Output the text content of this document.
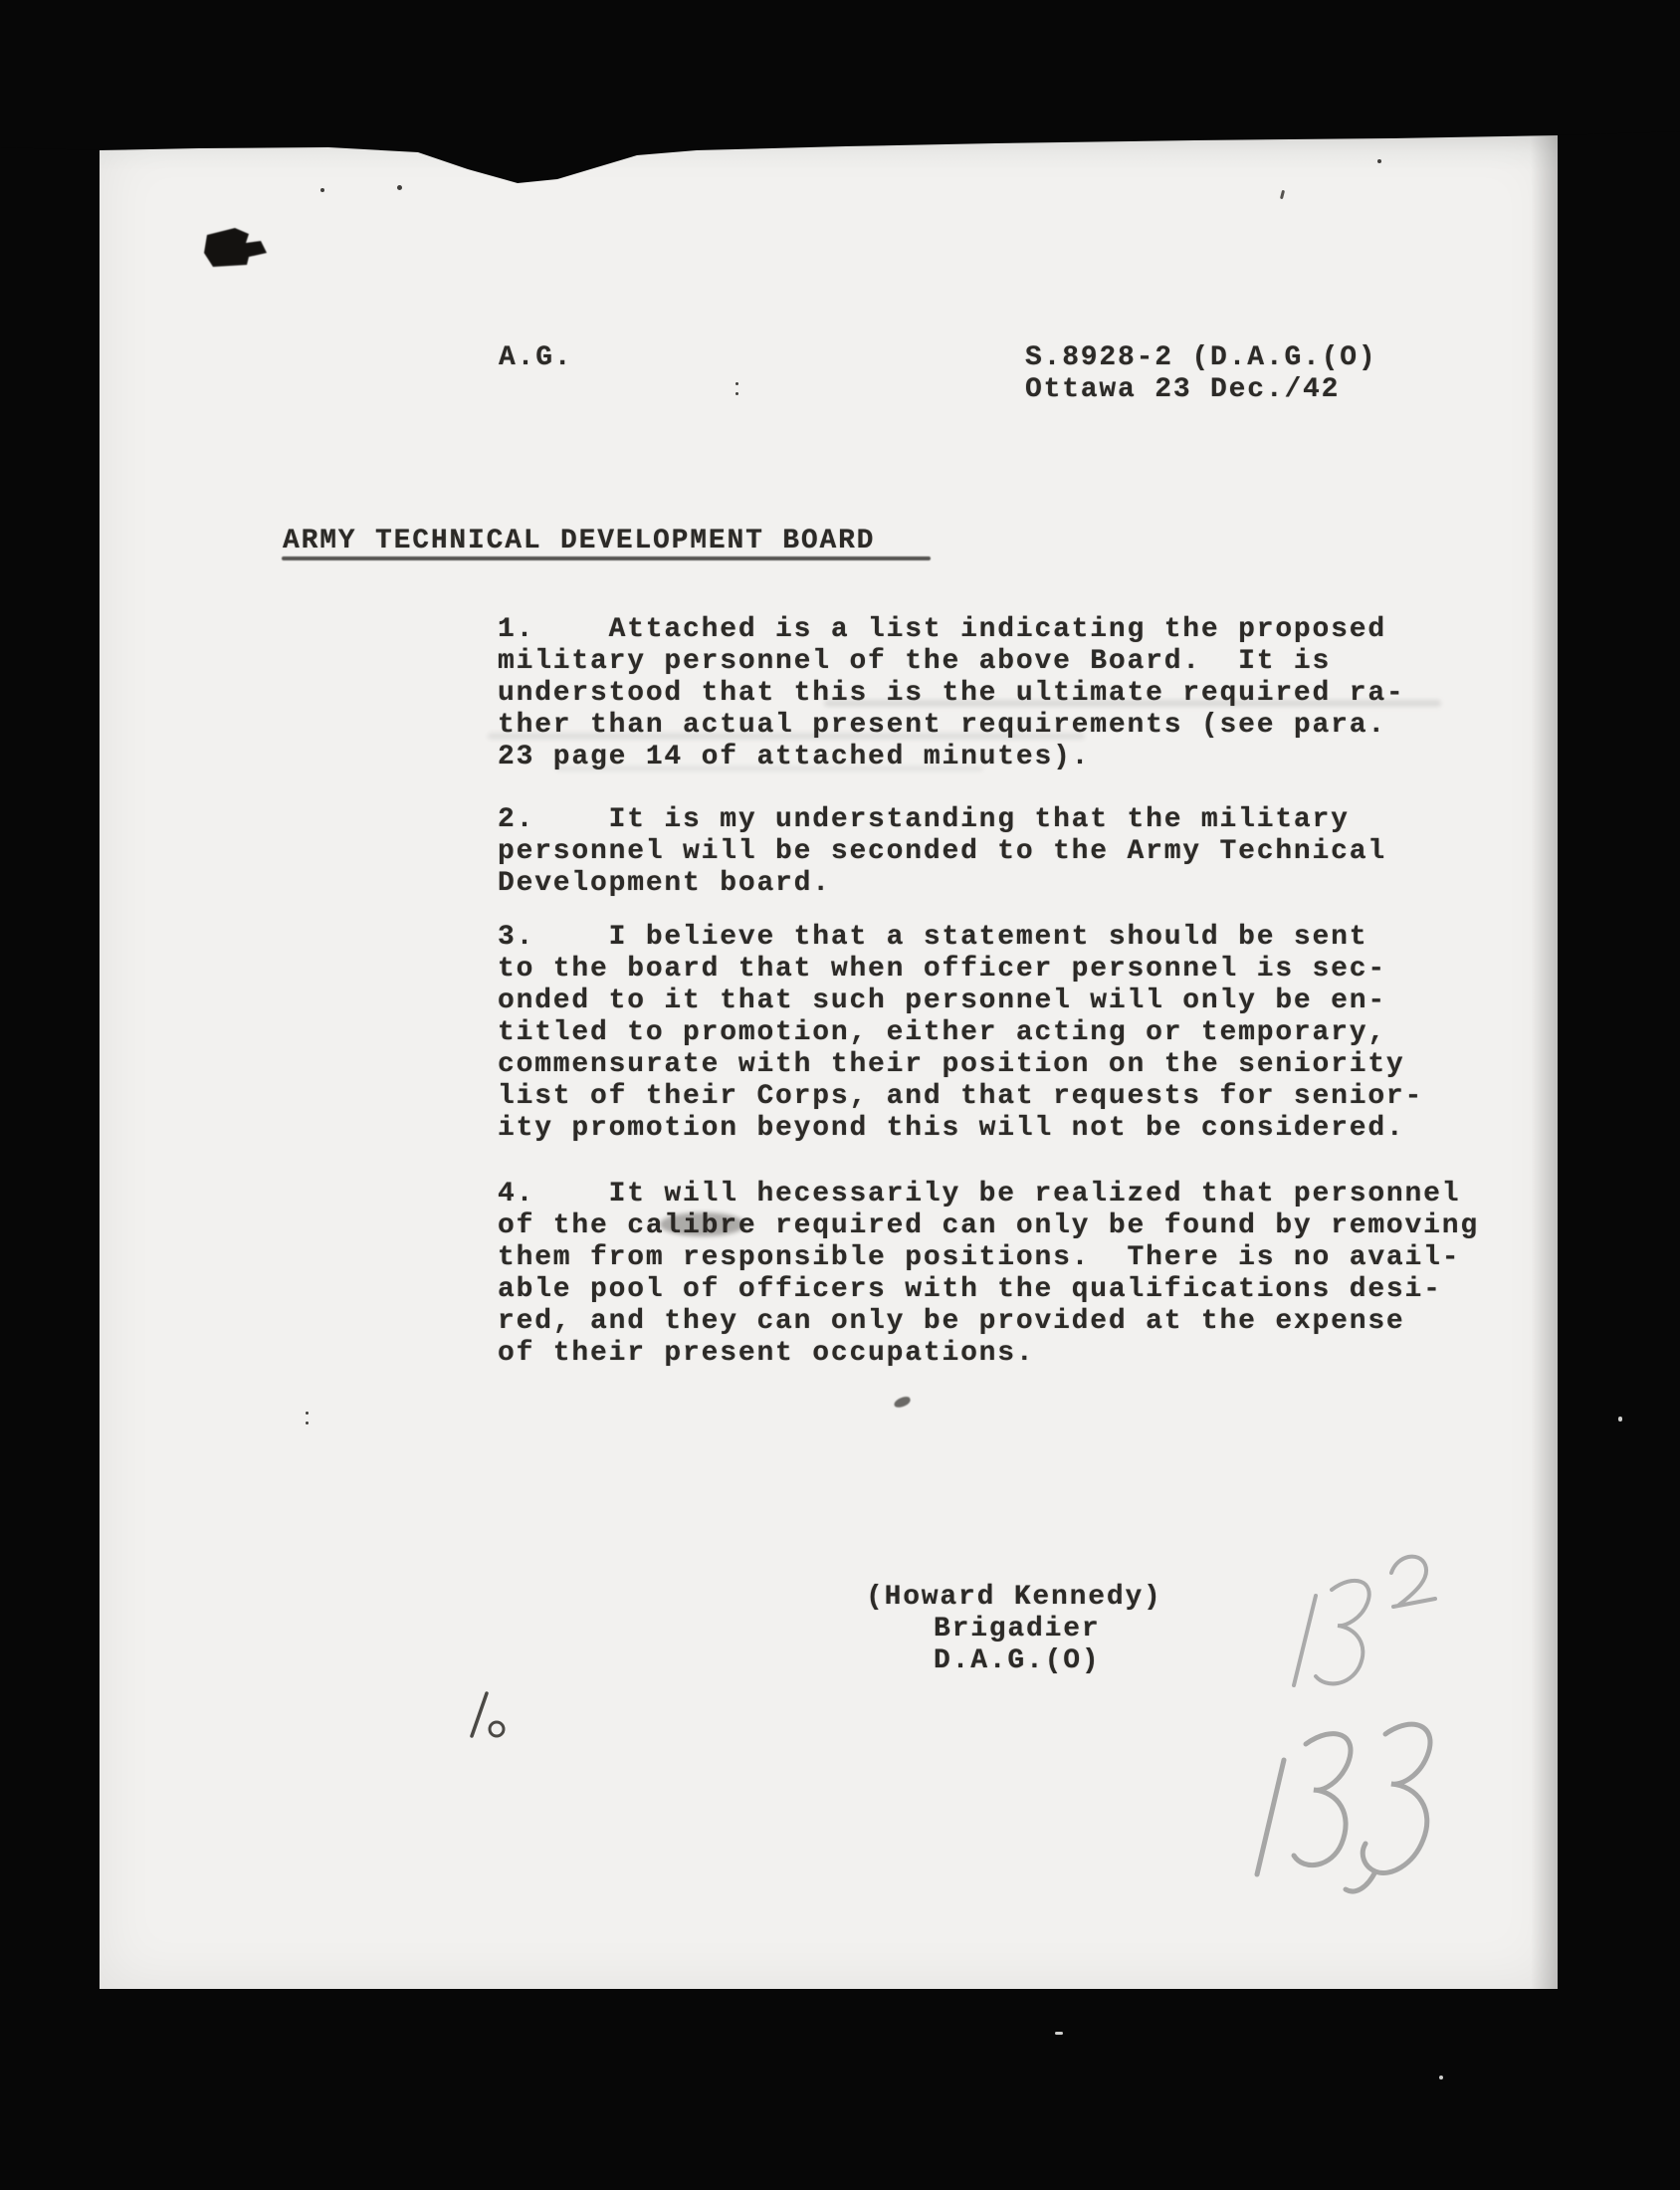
A.G.	S.8928-2 (D.A.G.(O)
Ottawa 23 Dec./42
ARMY TECHNICAL DEVELOPMENT BOARD
1.    Attached is a list indicating the proposed
military personnel of the above Board.  It is
understood that this is the ultimate required ra-
ther than actual present requirements (see para.
23 page 14 of attached minutes).
2.    It is my understanding that the military
personnel will be seconded to the Army Technical
Development board.
3.    I believe that a statement should be sent
to the board that when officer personnel is sec-
onded to it that such personnel will only be en-
titled to promotion, either acting or temporary,
commensurate with their position on the seniority
list of their Corps, and that requests for senior-
ity promotion beyond this will not be considered.
4.    It will hecessarily be realized that personnel
of the calibre required can only be found by removing
them from responsible positions.  There is no avail-
able pool of officers with the qualifications desi-
red, and they can only be provided at the expense
of their present occupations.
(Howard Kennedy)
Brigadier
D.A.G.(O)
